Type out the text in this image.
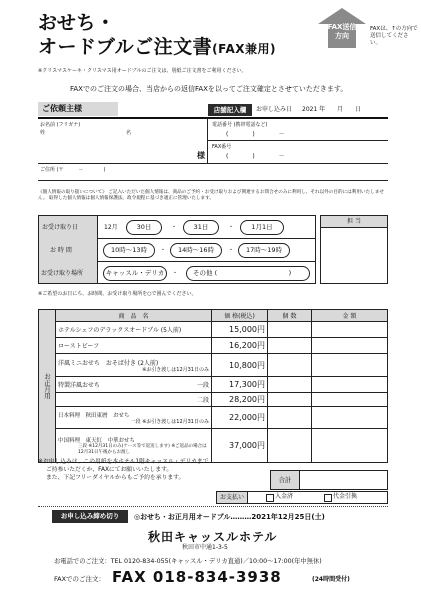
おせち・
オードブルご注文書(FAX兼用)
※クリスマスケーキ・クリスマス用オードブルのご注文は、別紙ご注文書をご利用ください。
FAX送信
方向
FAXは、↑の方向で送信してください。
FAXでのご注文の場合、当店からの返信FAXを以ってご注文確定とさせていただきます。
ご依頼主様	店舗記入欄	お申し込み日 2021 年　　月　　日
お名前 (フリガナ)
姓	名
様
電話番号 (携帯電話など)
(　　　　)　　　　－
FAX番号
(　　　　)　　　　－
ご住所 (〒　　　－　　　　)
《個人情報の取り扱いについて》 ご記入いただいた個人情報は、商品のご予約・お受け取りおよび関連するお問合せのみに利用し、それ以外の目的には利用いたしません。 取得した個人情報は個人情報保護法、政令規程に基づき適正に管理いたします。
お受け取り日	12月	30日	・	31日	・	1月1日
お 時 間	10時～13時	・	14時～16時	・	17時～19時
お受け取り場所	キャッスル・デリカ	・	その他 (　　　　　　　　　　　)
担 当
※ご希望のお日にち、お時間、お受け取り場所を○で囲んでください。
お正月用	商　品　名	価 格(税込)	個 数	金 額
	ホテルシェフのデラックスオードブル (5人前)	15,000円		
	ローストビーフ	16,200円		

	洋風ミニおせち　おそば付き (2人前)
※お引き渡しは12月31日のみ	10,800円		
	特製洋風おせち 一段	17,300円		

	二段	28,200円		

	日本料理　秋田東暦　おせち
一段 ※お引き渡しは12月31日のみ	22,000円		

	中国料理　東天紅　中華おせち
三段 ※12月31日のみ(ケース等で返送します) ※ご返品の場合は12月31日午後からお渡し	37,000円		
合計
※お申し込みは、この用紙を本ホテル1階キャッスル・デリカまで
ご持参いただくか、FAXにてお願いいたします。
また、下記フリーダイヤルからもご予約を承ります。
お支払い	入金済	代金引換
お申し込み締め切り	◎おせち・お正月用オードブル………2021年12月25日(土)
秋田キャッスルホテル
秋田市中通1-3-5
お電話でのご注文：TEL 0120-834-055(キャッスル・デリカ直通)／10:00～17:00(年中無休)
FAXでのご注文： FAX 018-834-3938	(24時間受付)
